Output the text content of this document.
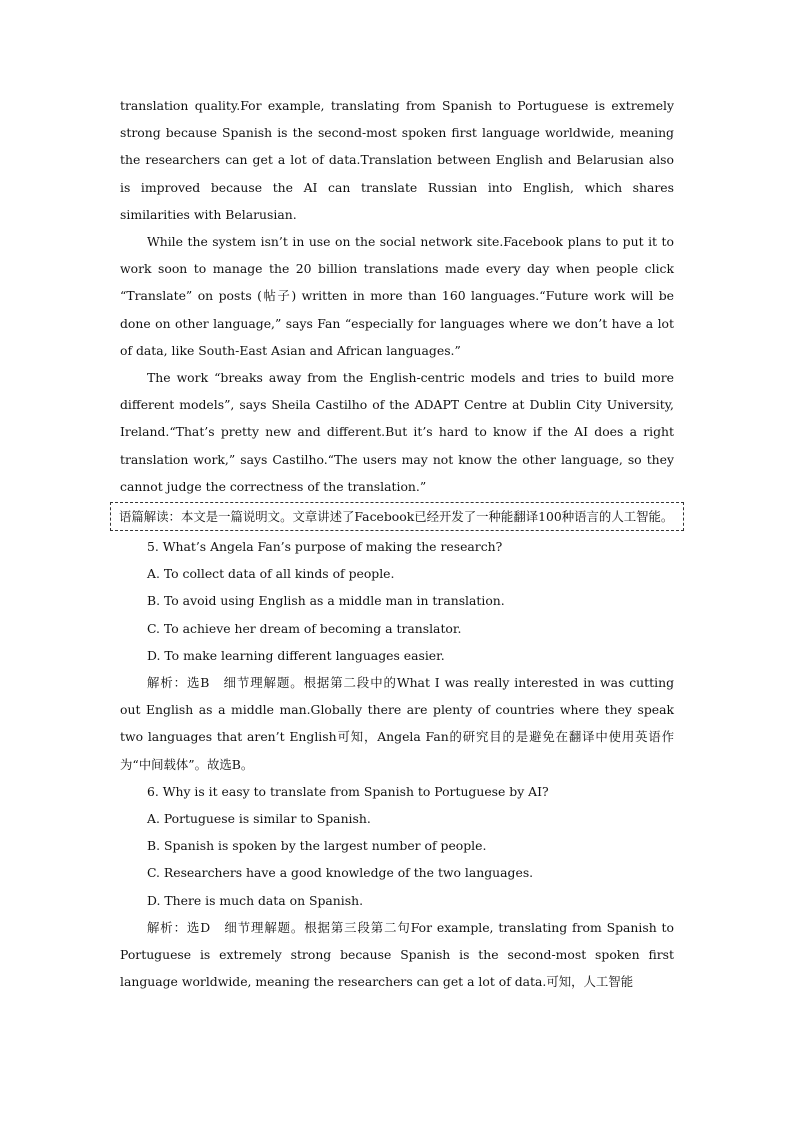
translation quality.For example, translating from Spanish to Portuguese is extremely strong because Spanish is the second-most spoken first language worldwide, meaning the researchers can get a lot of data.Translation between English and Belarusian also is improved because the AI can translate Russian into English, which shares similarities with Belarusian.

While the system isn’t in use on the social network site.Facebook plans to put it to work soon to manage the 20 billion translations made every day when people click “Translate” on posts (帖子) written in more than 160 languages.“Future work will be done on other language,” says Fan “especially for languages where we don’t have a lot of data, like South-East Asian and African languages.”

The work “breaks away from the English-centric models and tries to build more different models”, says Sheila Castilho of the ADAPT Centre at Dublin City University, Ireland.“That’s pretty new and different.But it’s hard to know if the AI does a right translation work,” says Castilho.“The users may not know the other language, so they cannot judge the correctness of the translation.”

语篇解读：本文是一篇说明文。文章讲述了Facebook已经开发了一种能翻译100种语言的人工智能。

5. What’s Angela Fan’s purpose of making the research?

A. To collect data of all kinds of people.

B. To avoid using English as a middle man in translation.

C. To achieve her dream of becoming a translator.

D. To make learning different languages easier.

解析：选B　细节理解题。根据第二段中的What I was really interested in was cutting out English as a middle man.Globally there are plenty of countries where they speak two languages that aren’t English可知，Angela Fan的研究目的是避免在翻译中使用英语作为“中间载体”。故选B。

6. Why is it easy to translate from Spanish to Portuguese by AI?

A. Portuguese is similar to Spanish.

B. Spanish is spoken by the largest number of people.

C. Researchers have a good knowledge of the two languages.

D. There is much data on Spanish.

解析：选D　细节理解题。根据第三段第二句For example, translating from Spanish to Portuguese is extremely strong because Spanish is the second-most spoken first language worldwide, meaning the researchers can get a lot of data.可知，人工智能
